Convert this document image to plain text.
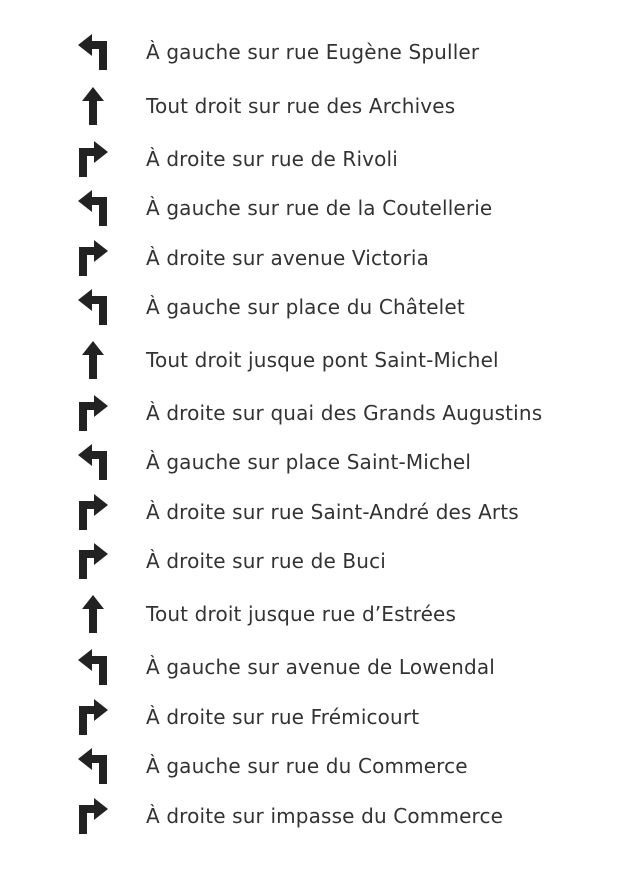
À gauche sur rue Eugène Spuller
Tout droit sur rue des Archives
À droite sur rue de Rivoli
À gauche sur rue de la Coutellerie
À droite sur avenue Victoria
À gauche sur place du Châtelet
Tout droit jusque pont Saint-Michel
À droite sur quai des Grands Augustins
À gauche sur place Saint-Michel
À droite sur rue Saint-André des Arts
À droite sur rue de Buci
Tout droit jusque rue d’Estrées
À gauche sur avenue de Lowendal
À droite sur rue Frémicourt
À gauche sur rue du Commerce
À droite sur impasse du Commerce
